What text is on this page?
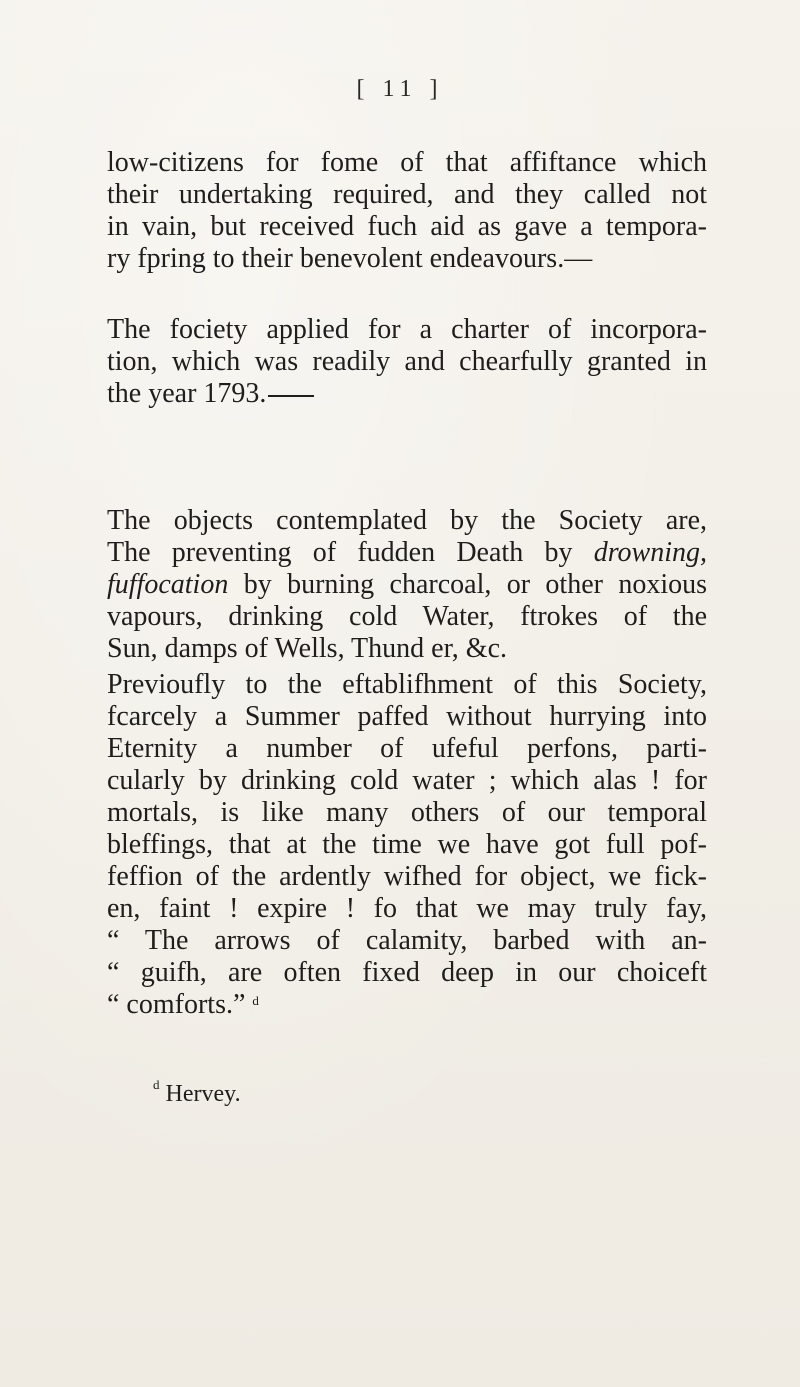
[ 11 ]
low-citizens for fome of that affiftance which
their undertaking required, and they called not
in vain, but received fuch aid as gave a tempora-
ry fpring to their benevolent endeavours.—
The fociety applied for a charter of incorpora-
tion, which was readily and chearfully granted in
the year 1793.
The objects contemplated by the Society are,
The preventing of fudden Death by drowning,
fuffocation by burning charcoal, or other noxious
vapours, drinking cold Water, ftrokes of the
Sun, damps of Wells, Thund er, &c.
Previoufly to the eftablifhment of this Society,
fcarcely a Summer paffed without hurrying into
Eternity a number of ufeful perfons, parti-
cularly by drinking cold water ; which alas ! for
mortals, is like many others of our temporal
bleffings, that at the time we have got full pof-
feffion of the ardently wifhed for object, we fick-
en, faint ! expire ! fo that we may truly fay,
“ The arrows of calamity, barbed with an-
“ guifh, are often fixed deep in our choiceft
“ comforts.” $^d$
$^d$ Hervey.
